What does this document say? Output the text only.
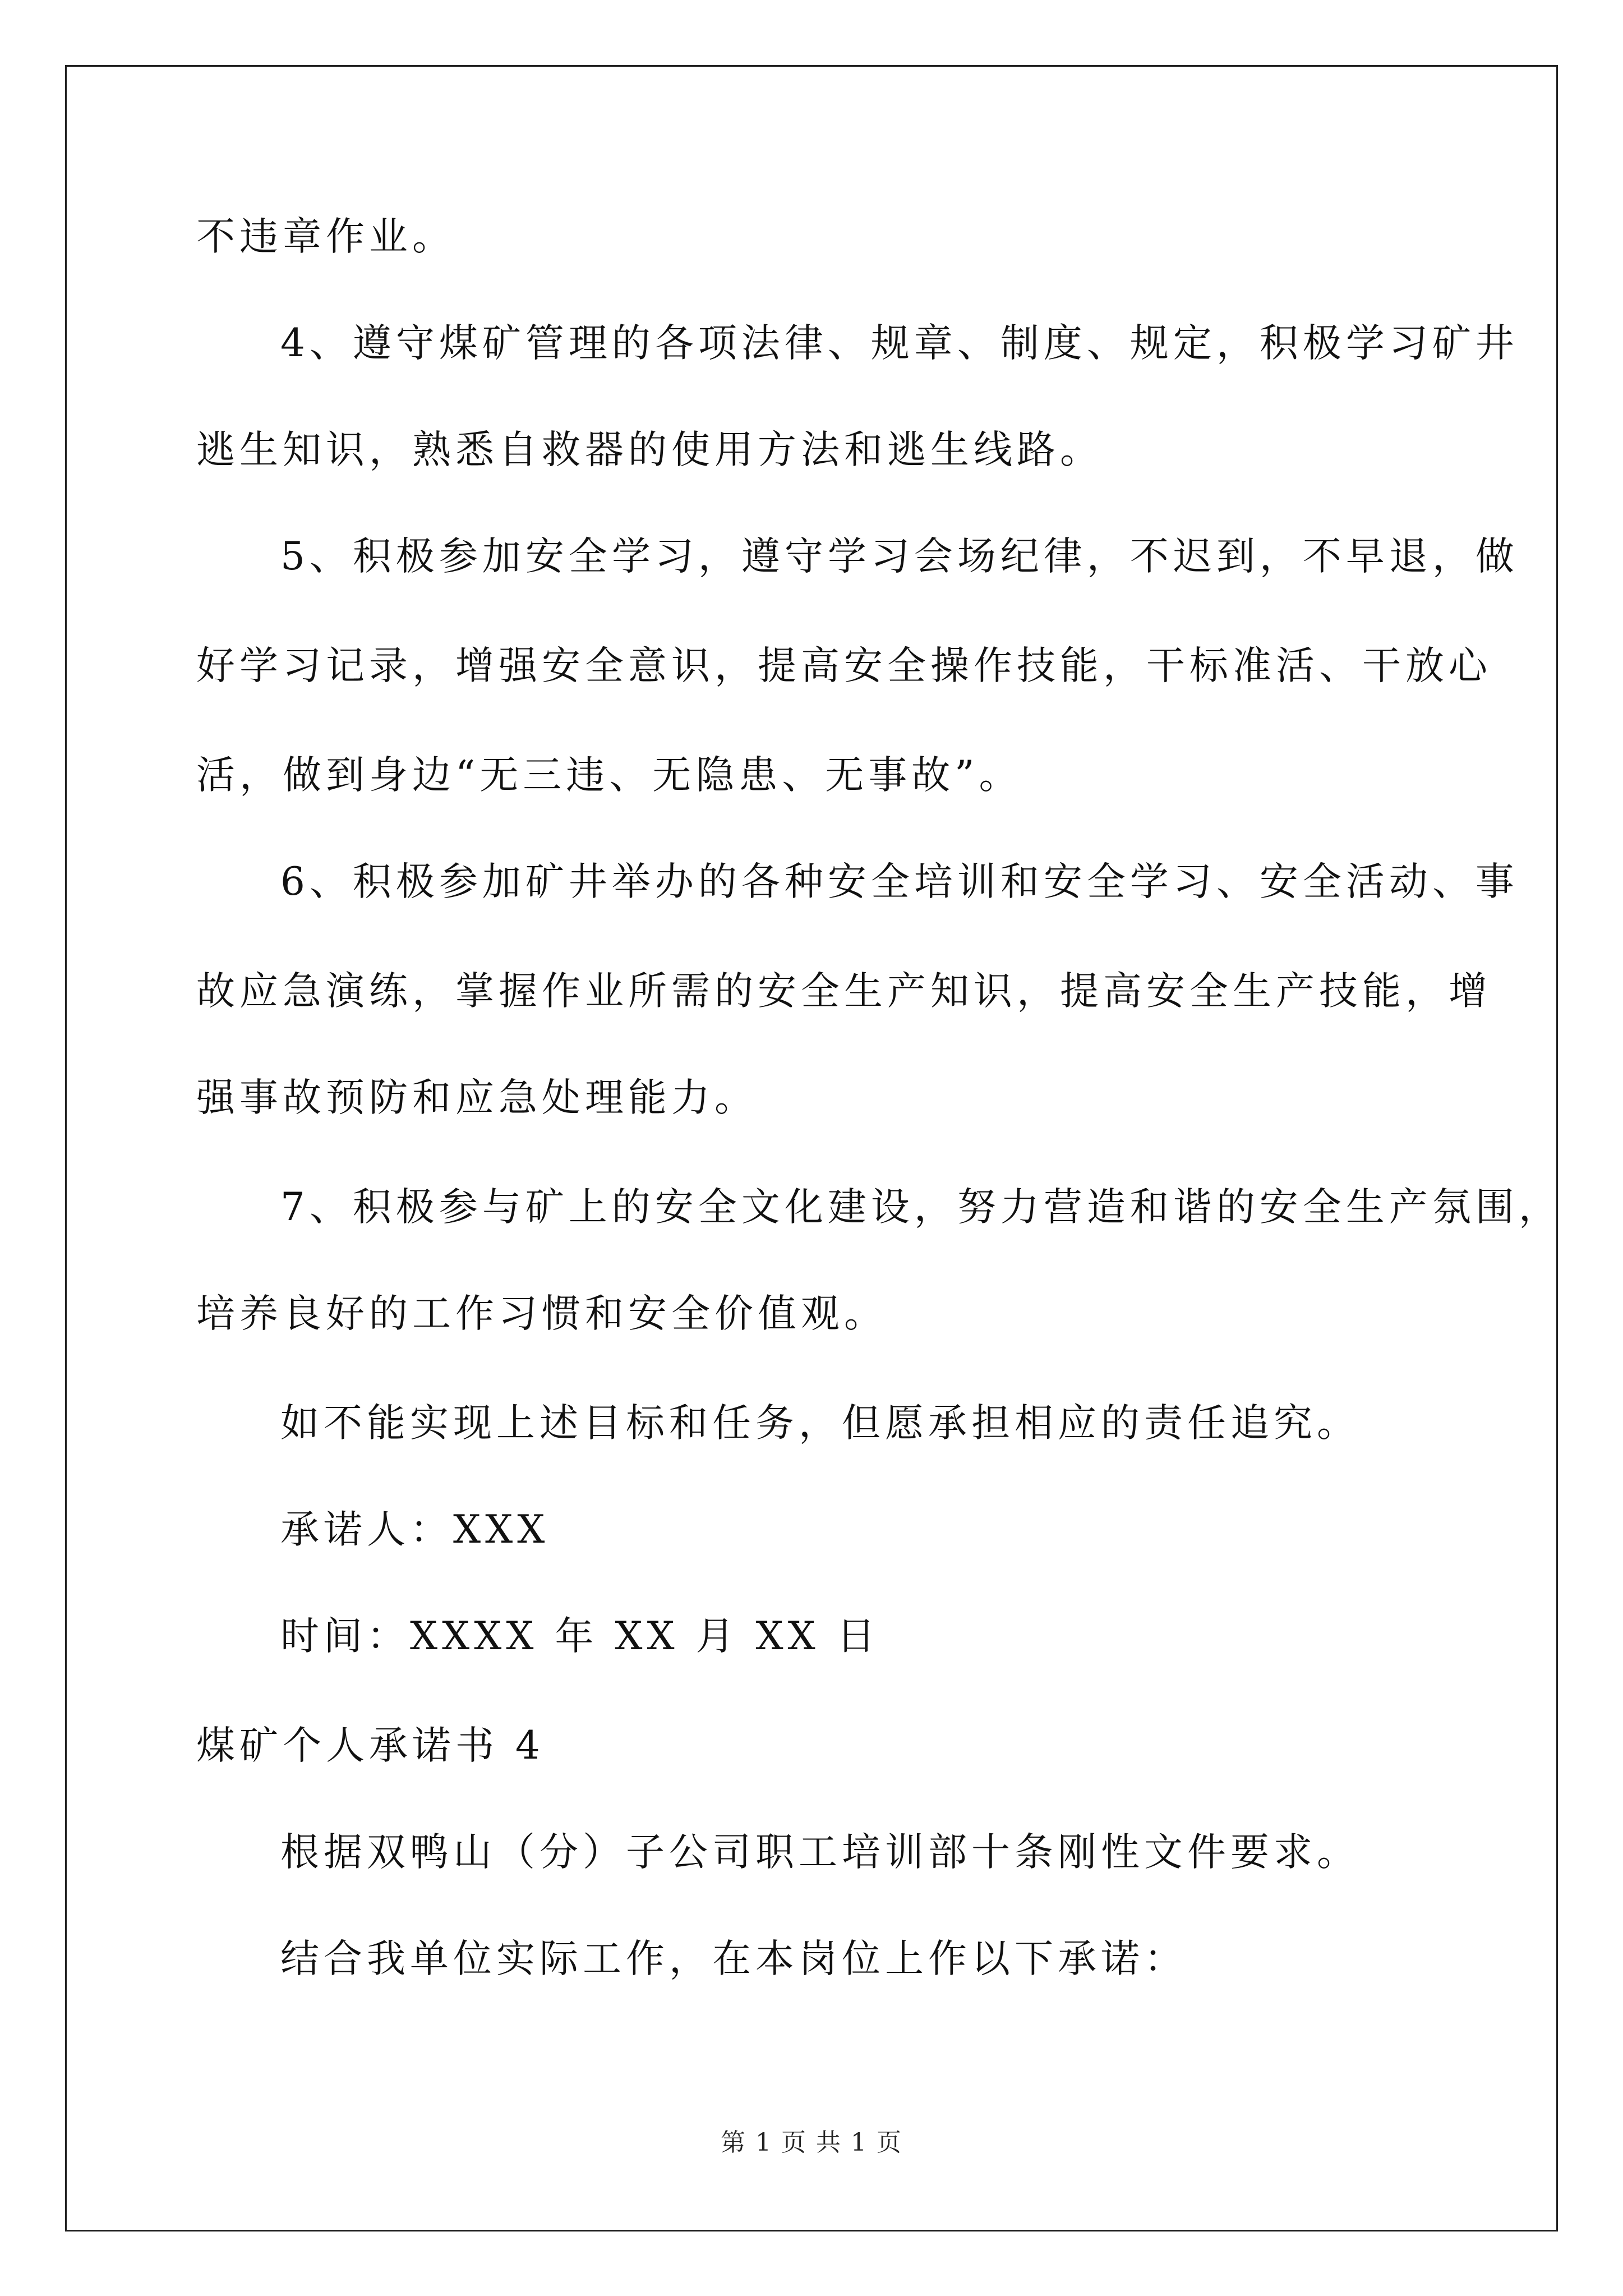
不违章作业。
4、遵守煤矿管理的各项法律、规章、制度、规定，积极学习矿井
逃生知识，熟悉自救器的使用方法和逃生线路。
5、积极参加安全学习，遵守学习会场纪律，不迟到，不早退，做
好学习记录，增强安全意识，提高安全操作技能，干标准活、干放心
活，做到身边“无三违、无隐患、无事故”。
6、积极参加矿井举办的各种安全培训和安全学习、安全活动、事
故应急演练，掌握作业所需的安全生产知识，提高安全生产技能，增
强事故预防和应急处理能力。
7、积极参与矿上的安全文化建设，努力营造和谐的安全生产氛围，
培养良好的工作习惯和安全价值观。
如不能实现上述目标和任务，但愿承担相应的责任追究。
承诺人：XXX
时间：XXXX 年 XX 月 XX 日
煤矿个人承诺书 4
根据双鸭山（分）子公司职工培训部十条刚性文件要求。
结合我单位实际工作，在本岗位上作以下承诺：
第 1 页 共 1 页
